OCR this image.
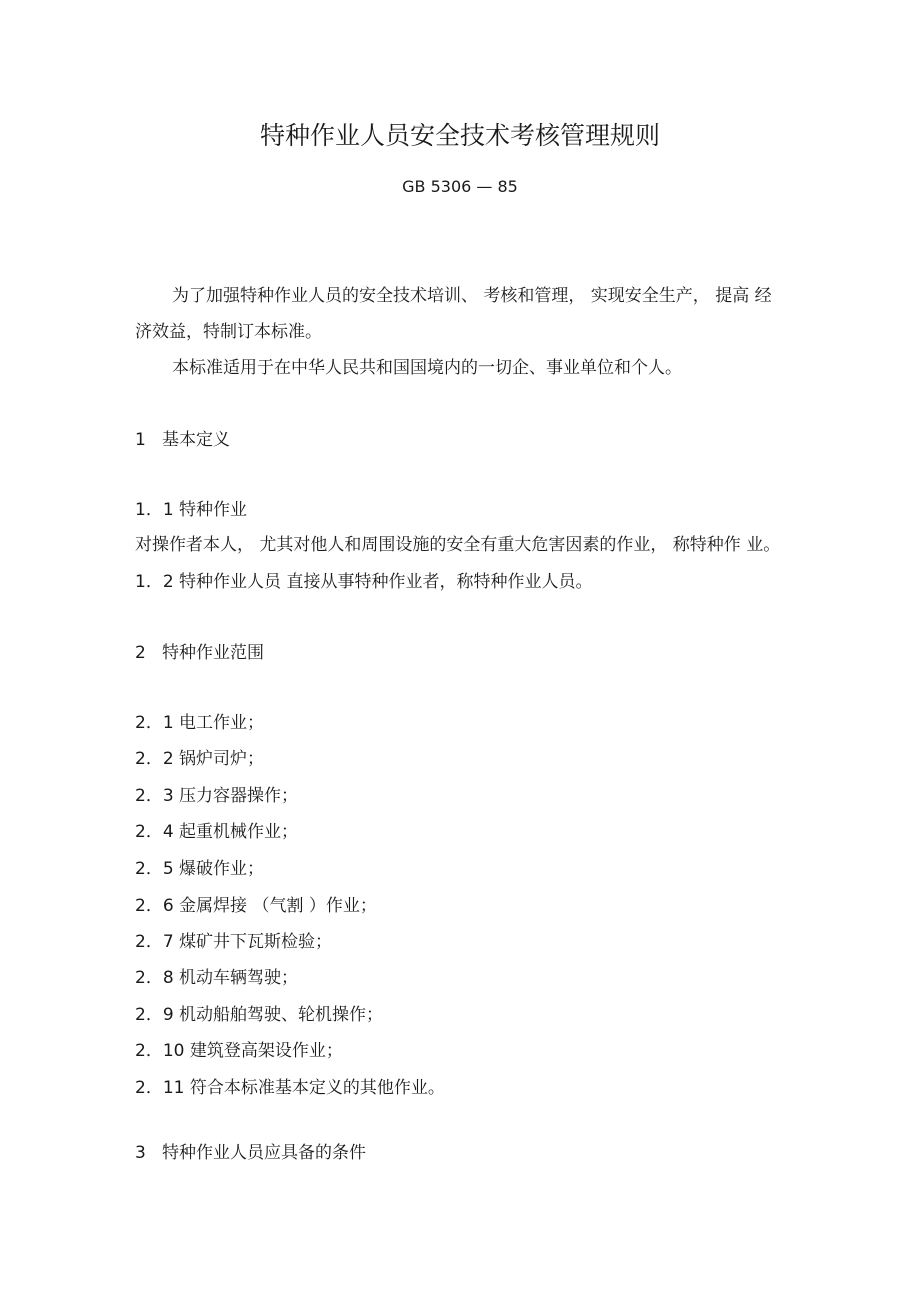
特种作业人员安全技术考核管理规则
GB 5306 — 85
为了加强特种作业人员的安全技术培训、 考核和管理， 实现安全生产， 提高 经
济效益，特制订本标准。
本标准适用于在中华人民共和国国境内的一切企、事业单位和个人。
1 基本定义
1．1 特种作业
对操作者本人， 尤其对他人和周围设施的安全有重大危害因素的作业， 称特种作 业。
1．2 特种作业人员 直接从事特种作业者，称特种作业人员。
2 特种作业范围
2．1 电工作业；
2．2 锅炉司炉；
2．3 压力容器操作；
2．4 起重机械作业；
2．5 爆破作业；
2．6 金属焊接 （气割 ）作业；
2．7 煤矿井下瓦斯检验；
2．8 机动车辆驾驶；
2．9 机动船舶驾驶、轮机操作；
2．10 建筑登高架设作业；
2．11 符合本标准基本定义的其他作业。
3 特种作业人员应具备的条件
